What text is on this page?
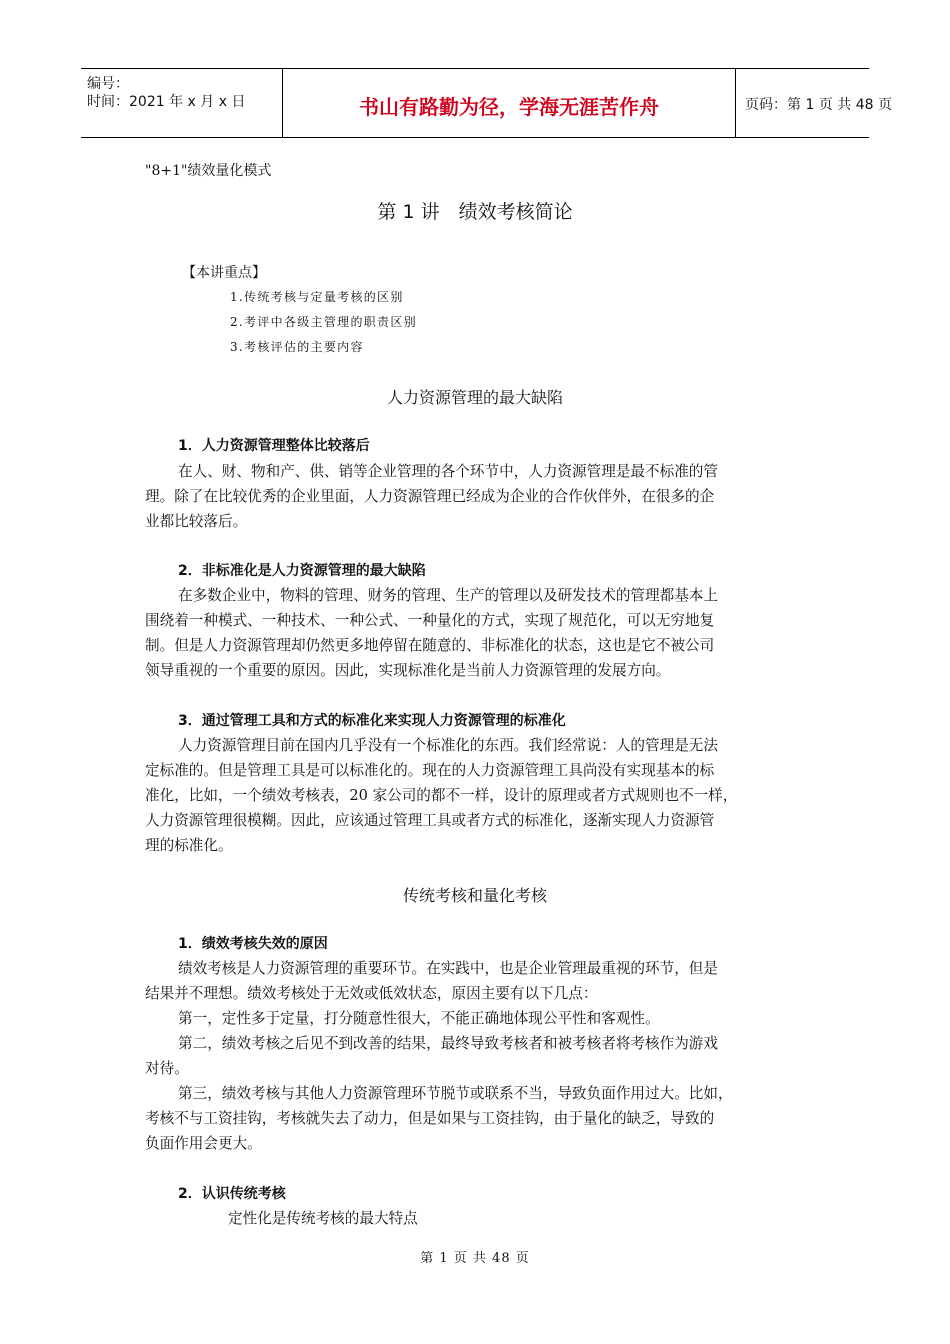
编号：
时间：2021 年 x 月 x 日	书山有路勤为径，学海无涯苦作舟	页码：第 1 页 共 48 页
"8+1"绩效量化模式
第 1 讲　绩效考核简论
【本讲重点】
1.传统考核与定量考核的区别
2.考评中各级主管理的职责区别
3.考核评估的主要内容
人力资源管理的最大缺陷
1．人力资源管理整体比较落后
在人、财、物和产、供、销等企业管理的各个环节中，人力资源管理是最不标准的管
理。除了在比较优秀的企业里面，人力资源管理已经成为企业的合作伙伴外，在很多的企
业都比较落后。
2．非标准化是人力资源管理的最大缺陷
在多数企业中，物料的管理、财务的管理、生产的管理以及研发技术的管理都基本上
围绕着一种模式、一种技术、一种公式、一种量化的方式，实现了规范化，可以无穷地复
制。但是人力资源管理却仍然更多地停留在随意的、非标准化的状态，这也是它不被公司
领导重视的一个重要的原因。因此，实现标准化是当前人力资源管理的发展方向。
3．通过管理工具和方式的标准化来实现人力资源管理的标准化
人力资源管理目前在国内几乎没有一个标准化的东西。我们经常说：人的管理是无法
定标准的。但是管理工具是可以标准化的。现在的人力资源管理工具尚没有实现基本的标
准化，比如，一个绩效考核表，20 家公司的都不一样，设计的原理或者方式规则也不一样，
人力资源管理很模糊。因此，应该通过管理工具或者方式的标准化，逐渐实现人力资源管
理的标准化。
传统考核和量化考核
1．绩效考核失效的原因
绩效考核是人力资源管理的重要环节。在实践中，也是企业管理最重视的环节，但是
结果并不理想。绩效考核处于无效或低效状态，原因主要有以下几点：
第一，定性多于定量，打分随意性很大，不能正确地体现公平性和客观性。
第二，绩效考核之后见不到改善的结果，最终导致考核者和被考核者将考核作为游戏
对待。
第三，绩效考核与其他人力资源管理环节脱节或联系不当，导致负面作用过大。比如，
考核不与工资挂钩，考核就失去了动力，但是如果与工资挂钩，由于量化的缺乏，导致的
负面作用会更大。
2．认识传统考核
定性化是传统考核的最大特点
第 1 页 共 48 页
